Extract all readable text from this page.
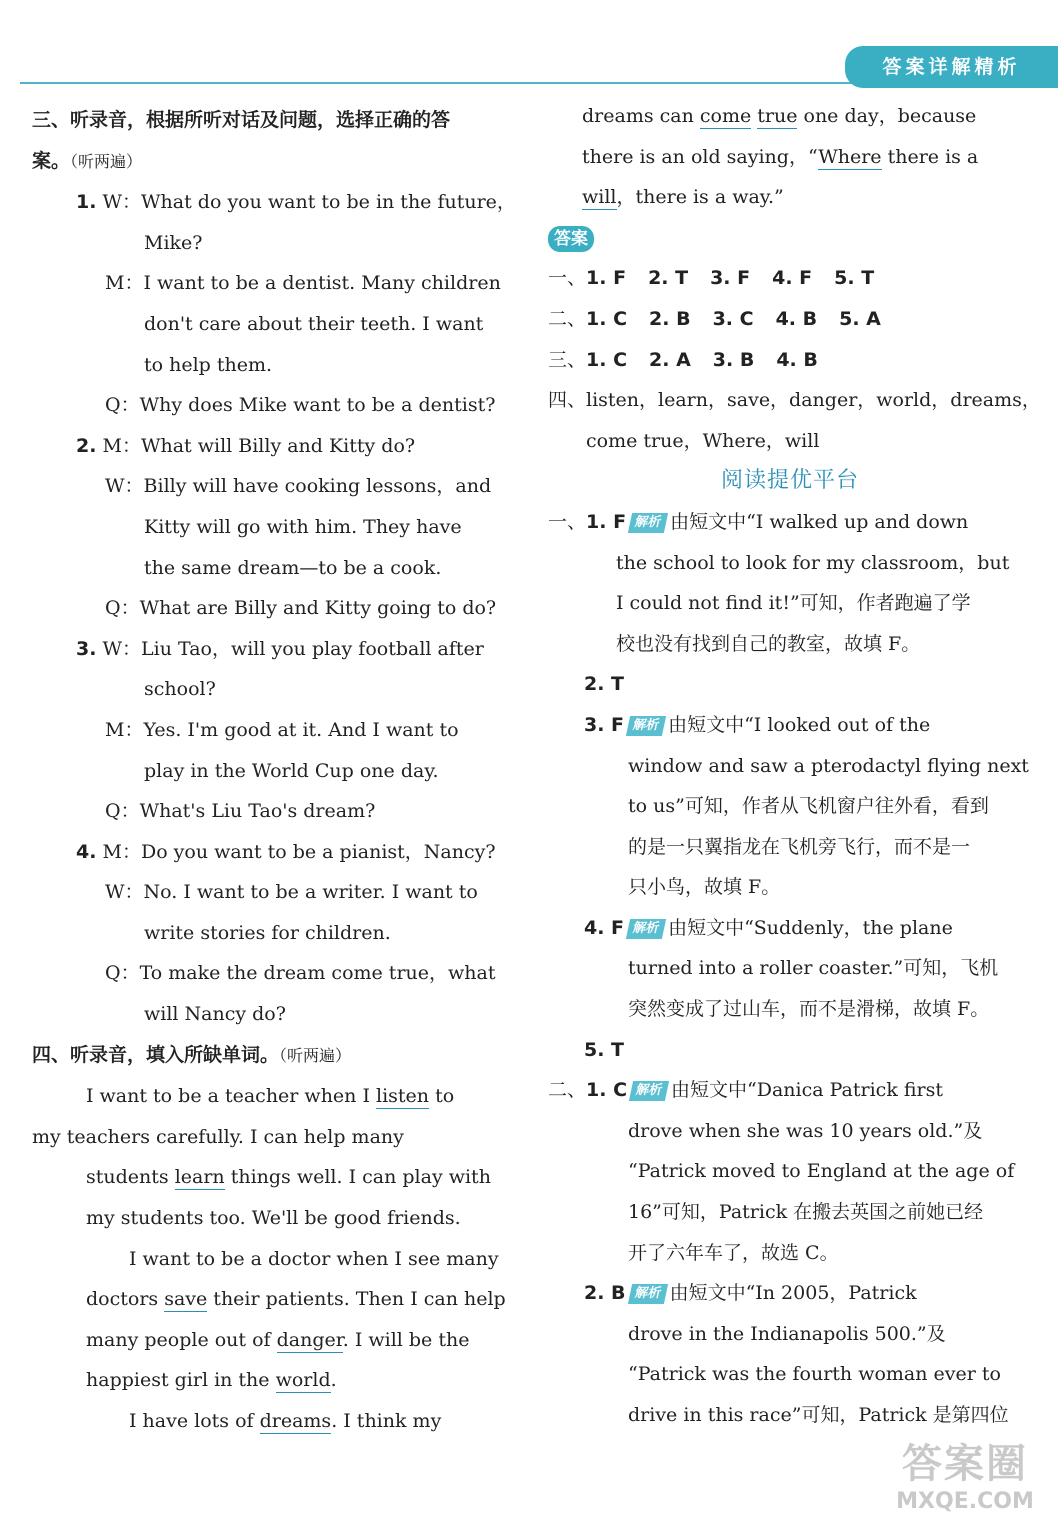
答案详解精析
三、听录音，根据所听对话及问题，选择正确的答
案。（听两遍）
1. W：What do you want to be in the future，
Mike?
M：I want to be a dentist. Many children
don't care about their teeth. I want
to help them.
Q：Why does Mike want to be a dentist?
2. M：What will Billy and Kitty do?
W：Billy will have cooking lessons，and
Kitty will go with him. They have
the same dream—to be a cook.
Q：What are Billy and Kitty going to do?
3. W：Liu Tao，will you play football after
school?
M：Yes. I'm good at it. And I want to
play in the World Cup one day.
Q：What's Liu Tao's dream?
4. M：Do you want to be a pianist，Nancy?
W：No. I want to be a writer. I want to
write stories for children.
Q：To make the dream come true，what
will Nancy do?
四、听录音，填入所缺单词。（听两遍）
I want to be a teacher when I listen to
my teachers carefully. I can help many
students learn things well. I can play with
my students too. We'll be good friends.
I want to be a doctor when I see many
doctors save their patients. Then I can help
many people out of danger. I will be the
happiest girl in the world.
I have lots of dreams. I think my
dreams can come true one day，because
there is an old saying，“Where there is a
will，there is a way.”
答案
一、1. F 2. T 3. F 4. F 5. T
二、1. C 2. B 3. C 4. B 5. A
三、1. C 2. A 3. B 4. B
四、listen，learn，save，danger，world，dreams，
come true，Where，will
阅读提优平台
一、1. F 解析 由短文中“I walked up and down
the school to look for my classroom，but
I could not find it!”可知，作者跑遍了学
校也没有找到自己的教室，故填 F。
2. T
3. F 解析 由短文中“I looked out of the
window and saw a pterodactyl flying next
to us”可知，作者从飞机窗户往外看，看到
的是一只翼指龙在飞机旁飞行，而不是一
只小鸟，故填 F。
4. F 解析 由短文中“Suddenly，the plane
turned into a roller coaster.”可知，飞机
突然变成了过山车，而不是滑梯，故填 F。
5. T
二、1. C 解析 由短文中“Danica Patrick first
drove when she was 10 years old.”及
“Patrick moved to England at the age of
16”可知，Patrick 在搬去英国之前她已经
开了六年车了，故选 C。
2. B 解析 由短文中“In 2005，Patrick
drove in the Indianapolis 500.”及
“Patrick was the fourth woman ever to
drive in this race”可知，Patrick 是第四位
答案圈
MXQE.COM
